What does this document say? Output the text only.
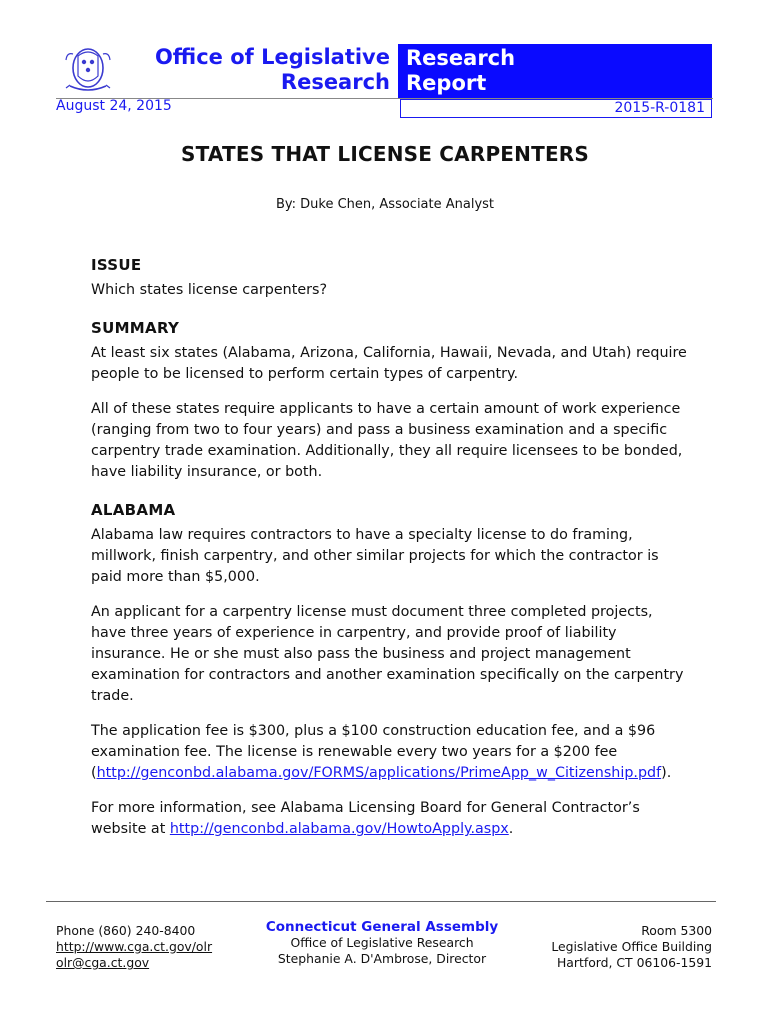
Office of Legislative
Research
Research
Report
August 24, 2015	2015-R-0181
STATES THAT LICENSE CARPENTERS
By: Duke Chen, Associate Analyst
ISSUE

Which states license carpenters?

SUMMARY

At least six states (Alabama, Arizona, California, Hawaii, Nevada, and Utah) require people to be licensed to perform certain types of carpentry.

All of these states require applicants to have a certain amount of work experience (ranging from two to four years) and pass a business examination and a specific carpentry trade examination. Additionally, they all require licensees to be bonded, have liability insurance, or both.

ALABAMA

Alabama law requires contractors to have a specialty license to do framing, millwork, finish carpentry, and other similar projects for which the contractor is paid more than $5,000.

An applicant for a carpentry license must document three completed projects, have three years of experience in carpentry, and provide proof of liability insurance. He or she must also pass the business and project management examination for contractors and another examination specifically on the carpentry trade.

The application fee is $300, plus a $100 construction education fee, and a $96 examination fee. The license is renewable every two years for a $200 fee (http://genconbd.alabama.gov/FORMS/applications/PrimeApp_w_Citizenship.pdf).

For more information, see Alabama Licensing Board for General Contractor’s website at http://genconbd.alabama.gov/HowtoApply.aspx.

Phone (860) 240-8400
http://www.cga.ct.gov/olr
olr@cga.ct.gov
Connecticut General Assembly
Office of Legislative Research
Stephanie A. D'Ambrose, Director
Room 5300
Legislative Office Building
Hartford, CT 06106-1591
